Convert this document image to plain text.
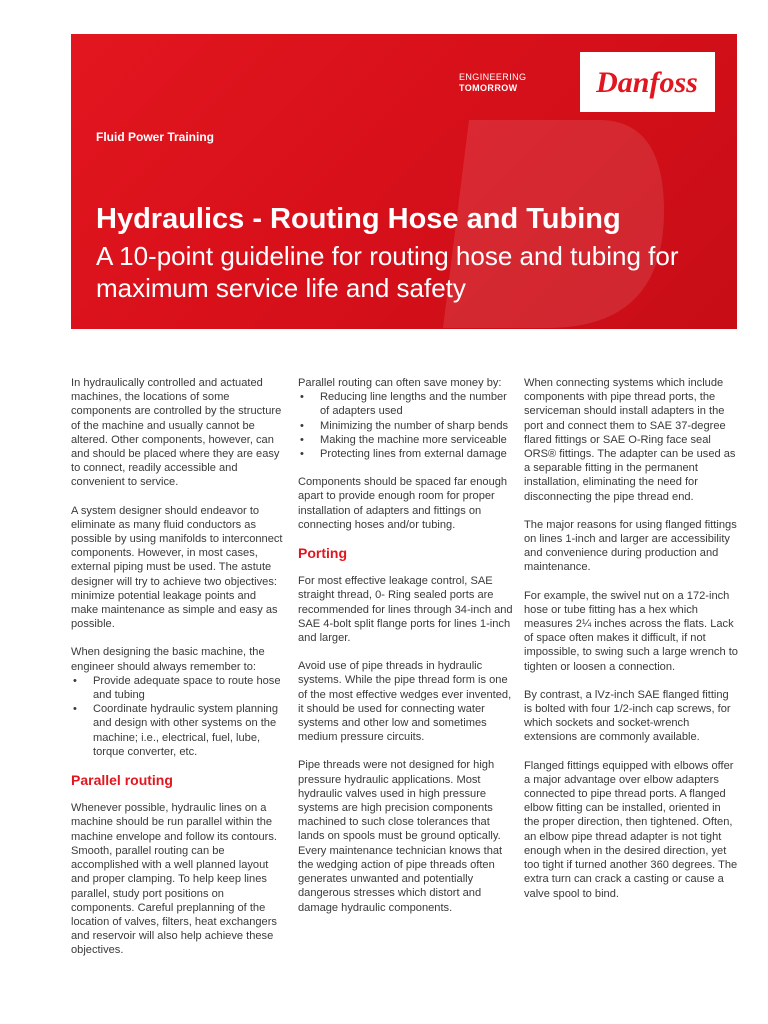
ENGINEERING
TOMORROW	Danfoss
Fluid Power Training
Hydraulics - Routing Hose and Tubing
A 10-point guideline for routing hose and tubing for maximum service life and safety

In hydraulically controlled and actuated machines, the locations of some components are controlled by the structure of the machine and usually cannot be altered. Other components, however, can and should be placed where they are easy to connect, readily accessible and convenient to service.

A system designer should endeavor to eliminate as many fluid conductors as possible by using manifolds to interconnect components. However, in most cases, external piping must be used. The astute designer will try to achieve two objectives: minimize potential leakage points and make maintenance as simple and easy as possible.

When designing the basic machine, the engineer should always remember to:

• Provide adequate space to route hose and tubing
• Coordinate hydraulic system planning and design with other systems on the machine; i.e., electrical, fuel, lube, torque converter, etc.
Parallel routing

Whenever possible, hydraulic lines on a machine should be run parallel within the machine envelope and follow its contours. Smooth, parallel routing can be accomplished with a well planned layout and proper clamping. To help keep lines parallel, study port positions on components. Careful preplanning of the location of valves, filters, heat exchangers and reservoir will also help achieve these objectives.

Parallel routing can often save money by:

• Reducing line lengths and the number of adapters used
• Minimizing the number of sharp bends
• Making the machine more serviceable
• Protecting lines from external damage

Components should be spaced far enough apart to provide enough room for proper installation of adapters and fittings on connecting hoses and/or tubing.

Porting

For most effective leakage control, SAE straight thread, 0- Ring sealed ports are recommended for lines through 34-inch and SAE 4-bolt split flange ports for lines 1-inch and larger.

Avoid use of pipe threads in hydraulic systems. While the pipe thread form is one of the most effective wedges ever invented, it should be used for connecting water systems and other low and sometimes medium pressure circuits.

Pipe threads were not designed for high pressure hydraulic applications. Most hydraulic valves used in high pressure systems are high precision components machined to such close tolerances that lands on spools must be ground optically. Every maintenance technician knows that the wedging action of pipe threads often generates unwanted and potentially dangerous stresses which distort and damage hydraulic components.

When connecting systems which include components with pipe thread ports, the serviceman should install adapters in the port and connect them to SAE 37-degree flared fittings or SAE O-Ring face seal ORS® fittings. The adapter can be used as a separable fitting in the permanent installation, eliminating the need for disconnecting the pipe thread end.

The major reasons for using flanged fittings on lines 1-inch and larger are accessibility and convenience during production and maintenance.

For example, the swivel nut on a 172-inch hose or tube fitting has a hex which measures 2¼ inches across the flats. Lack of space often makes it difficult, if not impossible, to swing such a large wrench to tighten or loosen a connection.

By contrast, a lVz-inch SAE flanged fitting is bolted with four 1/2-inch cap screws, for which sockets and socket-wrench extensions are commonly available.

Flanged fittings equipped with elbows offer a major advantage over elbow adapters connected to pipe thread ports. A flanged elbow fitting can be installed, oriented in the proper direction, then tightened. Often, an elbow pipe thread adapter is not tight enough when in the desired direction, yet too tight if turned another 360 degrees. The extra turn can crack a casting or cause a valve spool to bind.
